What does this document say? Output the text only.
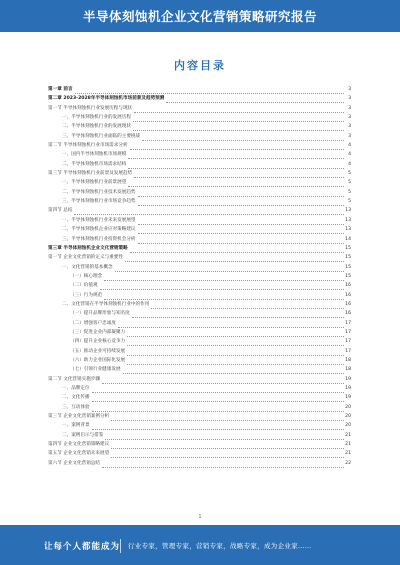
半导体刻蚀机企业文化营销策略研究报告
内容目录
第一章 前言	3
第二章 2023-2028年半导体刻蚀机市场前景及趋势预测	3
第一节 半导体刻蚀机行业发展历程与现状	3
一、半导体刻蚀机行业的发展历程	3
二、半导体刻蚀机行业的发展现状	3
三、半导体刻蚀机行业面临的主要挑战	3
第二节 半导体刻蚀机行业市场需求分析	4
一、国内半导体刻蚀机市场规模	4
二、半导体刻蚀机市场需求结构	4
第三节 半导体刻蚀机行业前景及发展趋势	5
一、半导体刻蚀机行业前景展望	5
二、半导体刻蚀机行业技术发展趋势	5
三、半导体刻蚀机行业市场竞争趋势	5
第四节 总结	13
一、半导体刻蚀机行业未来发展展望	13
二、半导体刻蚀机企业应对策略建议	13
三、半导体刻蚀机行业投资机会分析	14
第三章 半导体刻蚀机企业文化营销策略	15
第一节 企业文化营销的定义与重要性	15
一、文化营销的基本概念	15
（一）核心理念	15
（二）价值观	16
（三）行为规范	16
二、文化营销在半导体刻蚀机行业中的作用	16
（一）提升品牌形象与知名度	16
（二）增强客户忠诚度	17
（三）促进企业内部凝聚力	17
（四）提升企业核心竞争力	17
（五）推动企业可持续发展	17
（六）助力企业国际化发展	18
（七）引领行业健康发展	18
第二节 文化营销实施步骤	19
一、品牌定位	19
二、文化传播	19
三、互动体验	20
第三节 企业文化营销案例分析	20
一、案例背景	20
二、案例启示与借鉴	21
第四节 企业文化营销策略建议	21
第五节 企业文化营销未来展望	21
第六节 企业文化营销总结	22
1
让每个人都能成为 行业专家，管理专家，营销专家，战略专家，成为企业家……
